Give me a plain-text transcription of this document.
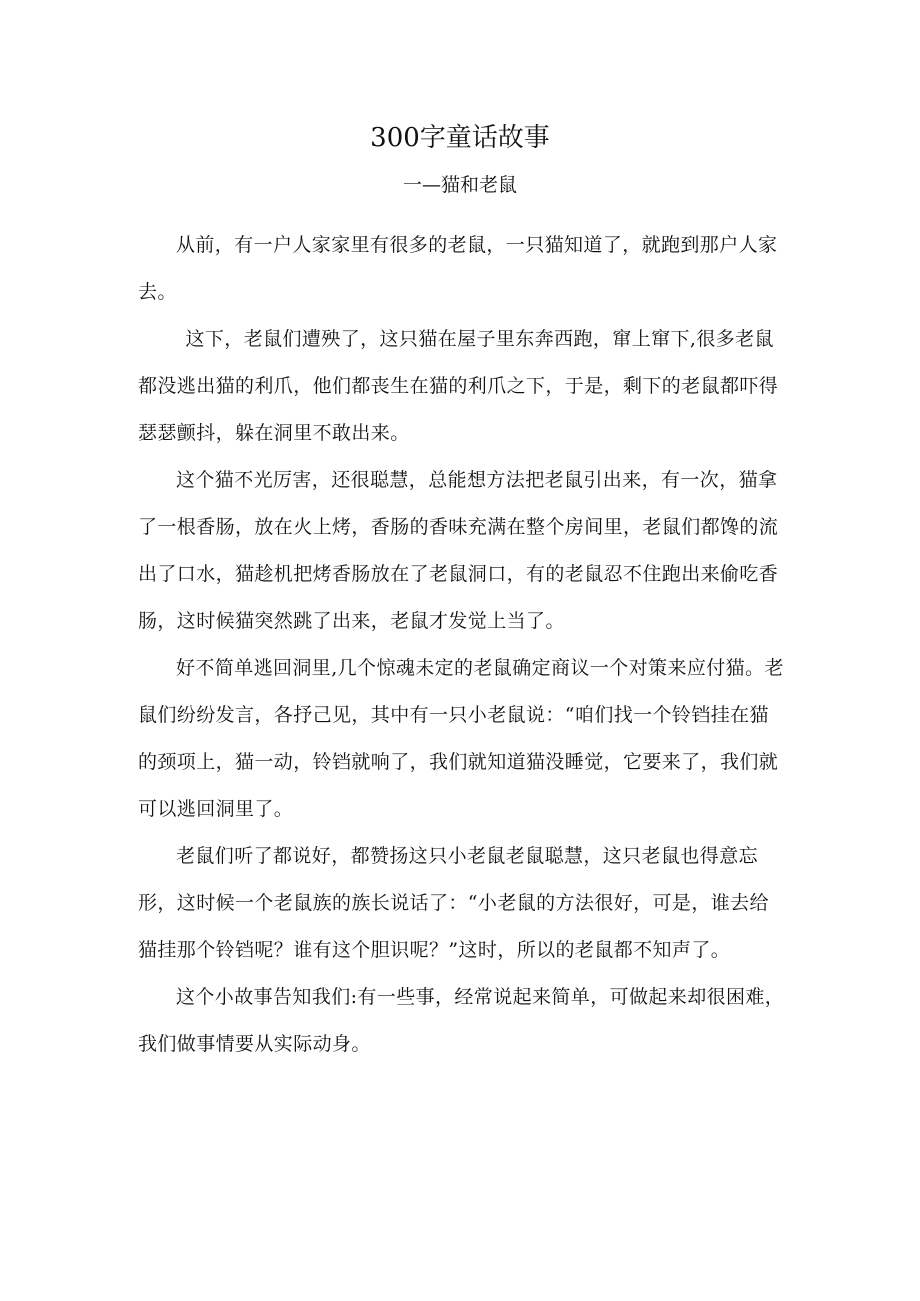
300字童话故事
一—猫和老鼠

从前，有一户人家家里有很多的老鼠，一只猫知道了，就跑到那户人家去。

这下，老鼠们遭殃了，这只猫在屋子里东奔西跑，窜上窜下,很多老鼠都没逃出猫的利爪，他们都丧生在猫的利爪之下，于是，剩下的老鼠都吓得瑟瑟颤抖，躲在洞里不敢出来。

这个猫不光厉害，还很聪慧，总能想方法把老鼠引出来，有一次，猫拿了一根香肠，放在火上烤，香肠的香味充满在整个房间里，老鼠们都馋的流出了口水，猫趁机把烤香肠放在了老鼠洞口，有的老鼠忍不住跑出来偷吃香肠，这时候猫突然跳了出来，老鼠才发觉上当了。

好不简单逃回洞里,几个惊魂未定的老鼠确定商议一个对策来应付猫。老鼠们纷纷发言，各抒己见，其中有一只小老鼠说：“咱们找一个铃铛挂在猫的颈项上，猫一动，铃铛就响了，我们就知道猫没睡觉，它要来了，我们就可以逃回洞里了。

老鼠们听了都说好，都赞扬这只小老鼠老鼠聪慧，这只老鼠也得意忘形，这时候一个老鼠族的族长说话了：“小老鼠的方法很好，可是，谁去给猫挂那个铃铛呢？谁有这个胆识呢？”这时，所以的老鼠都不知声了。

这个小故事告知我们:有一些事，经常说起来简单，可做起来却很困难，我们做事情要从实际动身。
